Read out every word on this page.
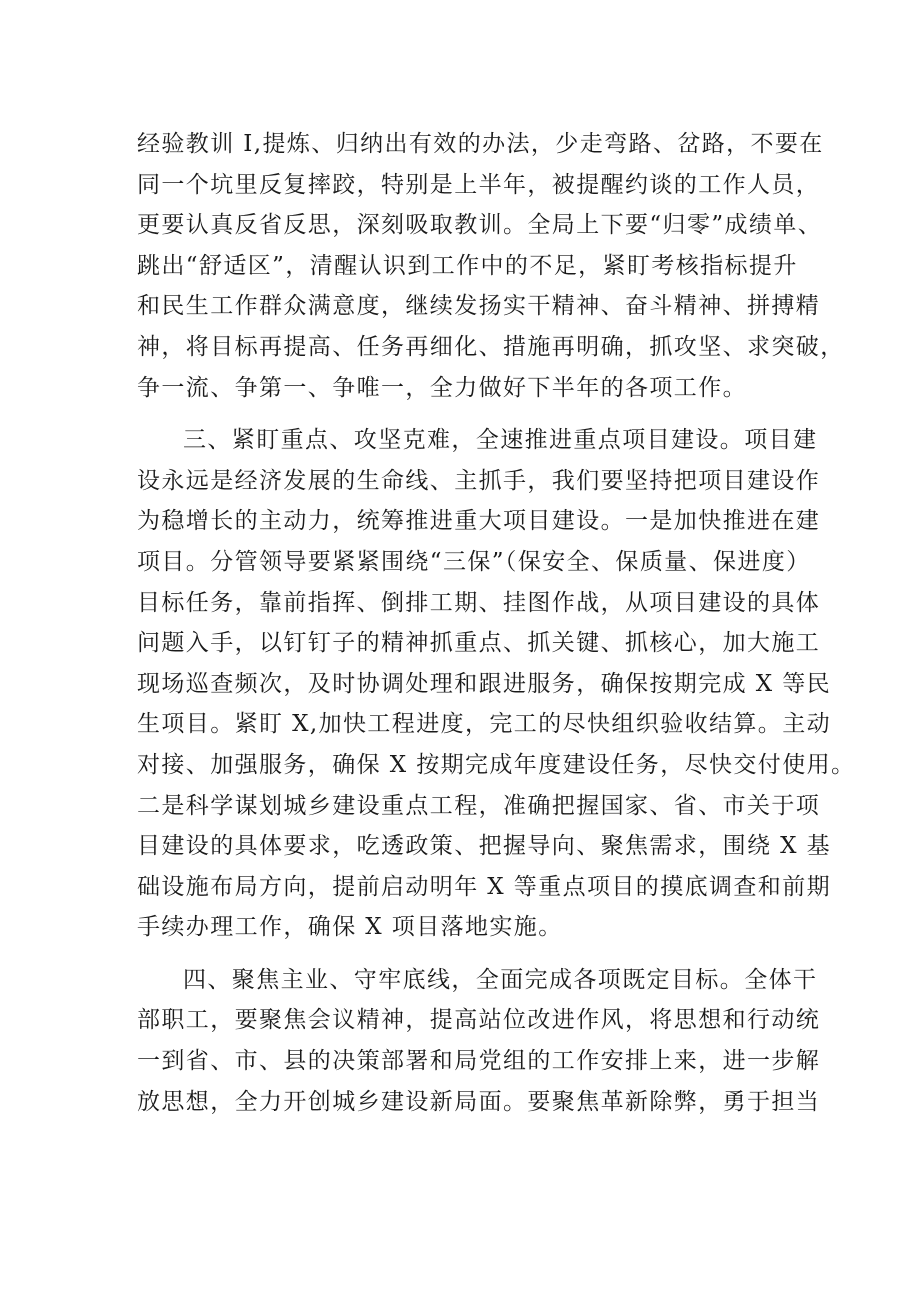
经验教训 I,提炼、归纳出有效的办法，少走弯路、岔路，不要在
同一个坑里反复摔跤，特别是上半年，被提醒约谈的工作人员，
更要认真反省反思，深刻吸取教训。全局上下要“归零”成绩单、
跳出“舒适区”，清醒认识到工作中的不足，紧盯考核指标提升
和民生工作群众满意度，继续发扬实干精神、奋斗精神、拼搏精
神，将目标再提高、任务再细化、措施再明确，抓攻坚、求突破，
争一流、争第一、争唯一，全力做好下半年的各项工作。
三、紧盯重点、攻坚克难，全速推进重点项目建设。项目建
设永远是经济发展的生命线、主抓手，我们要坚持把项目建设作
为稳增长的主动力，统筹推进重大项目建设。一是加快推进在建
项目。分管领导要紧紧围绕“三保”（保安全、保质量、保进度）
目标任务，靠前指挥、倒排工期、挂图作战，从项目建设的具体
问题入手，以钉钉子的精神抓重点、抓关键、抓核心，加大施工
现场巡查频次，及时协调处理和跟进服务，确保按期完成 X 等民
生项目。紧盯 X,加快工程进度，完工的尽快组织验收结算。主动
对接、加强服务，确保 X 按期完成年度建设任务，尽快交付使用。
二是科学谋划城乡建设重点工程，准确把握国家、省、市关于项
目建设的具体要求，吃透政策、把握导向、聚焦需求，围绕 X 基
础设施布局方向，提前启动明年 X 等重点项目的摸底调查和前期
手续办理工作，确保 X 项目落地实施。
四、聚焦主业、守牢底线，全面完成各项既定目标。全体干
部职工，要聚焦会议精神，提高站位改进作风，将思想和行动统
一到省、市、县的决策部署和局党组的工作安排上来，进一步解
放思想，全力开创城乡建设新局面。要聚焦革新除弊，勇于担当
